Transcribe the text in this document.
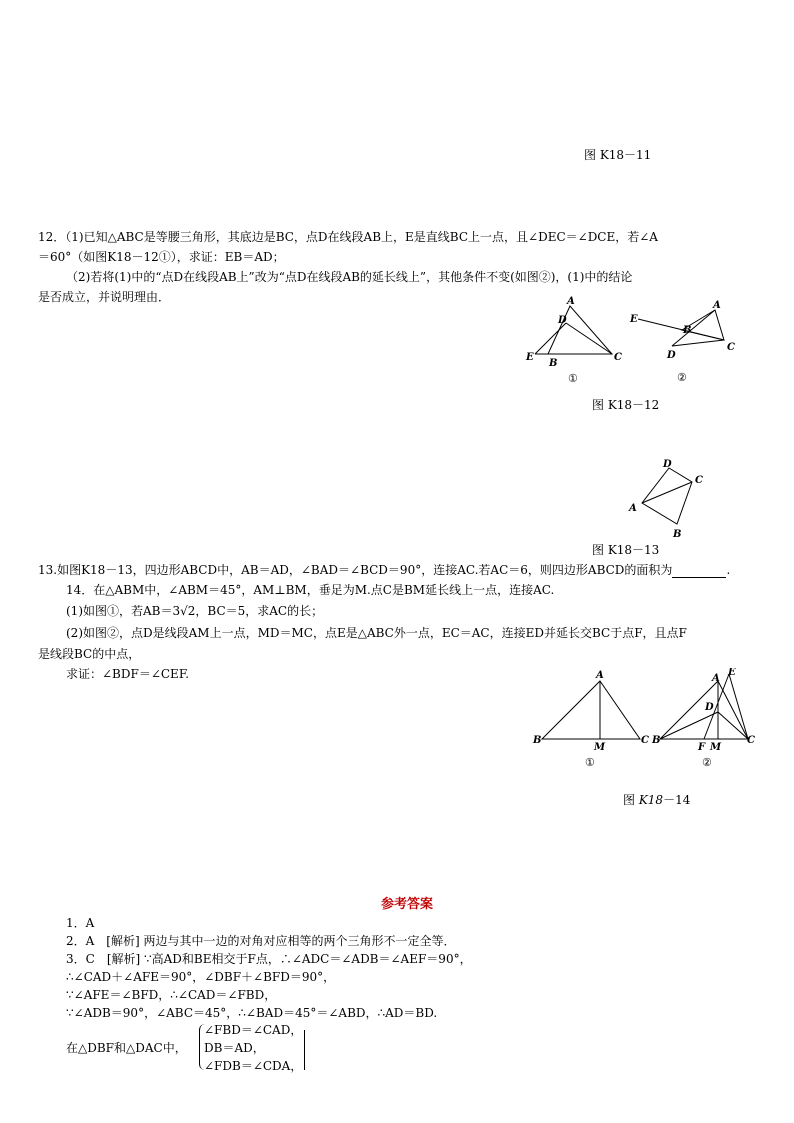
图 K18－11
12．（1)已知△ABC是等腰三角形，其底边是BC，点D在线段AB上，E是直线BC上一点，且∠DEC＝∠DCE，若∠A
＝60°（如图K18－12①），求证：EB＝AD；
（2)若将(1)中的“点D在线段AB上”改为“点D在线段AB的延长线上”，其他条件不变(如图②)，(1)中的结论
是否成立，并说明理由．	A
D
E
B
C
①
E
A
B
D
C
②
图 K18－12
D
C
A
B
图 K18－13
13.如图K18－13，四边形ABCD中，AB＝AD，∠BAD＝∠BCD＝90°，连接AC.若AC＝6，则四边形ABCD的面积为	.
14．在△ABM中，∠ABM＝45°，AM⊥BM，垂足为M.点C是BM延长线上一点，连接AC.
(1)如图①，若AB＝3√2，BC＝5，求AC的长；
(2)如图②，点D是线段AM上一点，MD＝MC，点E是△ABC外一点，EC＝AC，连接ED并延长交BC于点F，且点F
是线段BC的中点，
求证：∠BDF＝∠CEF.	A
B
M
C
①
A
E
D
B
F M
C
②
图 K18－14
参考答案
1．A
2．A　[解析] 两边与其中一边的对角对应相等的两个三角形不一定全等．
3．C　[解析] ∵高AD和BE相交于F点，∴∠ADC＝∠ADB＝∠AEF＝90°，
∴∠CAD＋∠AFE＝90°，∠DBF＋∠BFD＝90°，
∵∠AFE＝∠BFD，∴∠CAD＝∠FBD，
∵∠ADB＝90°，∠ABC＝45°，∴∠BAD＝45°＝∠ABD，∴AD＝BD.
在△DBF和△DAC中，
∠FBD＝∠CAD，
DB＝AD，
∠FDB＝∠CDA，
